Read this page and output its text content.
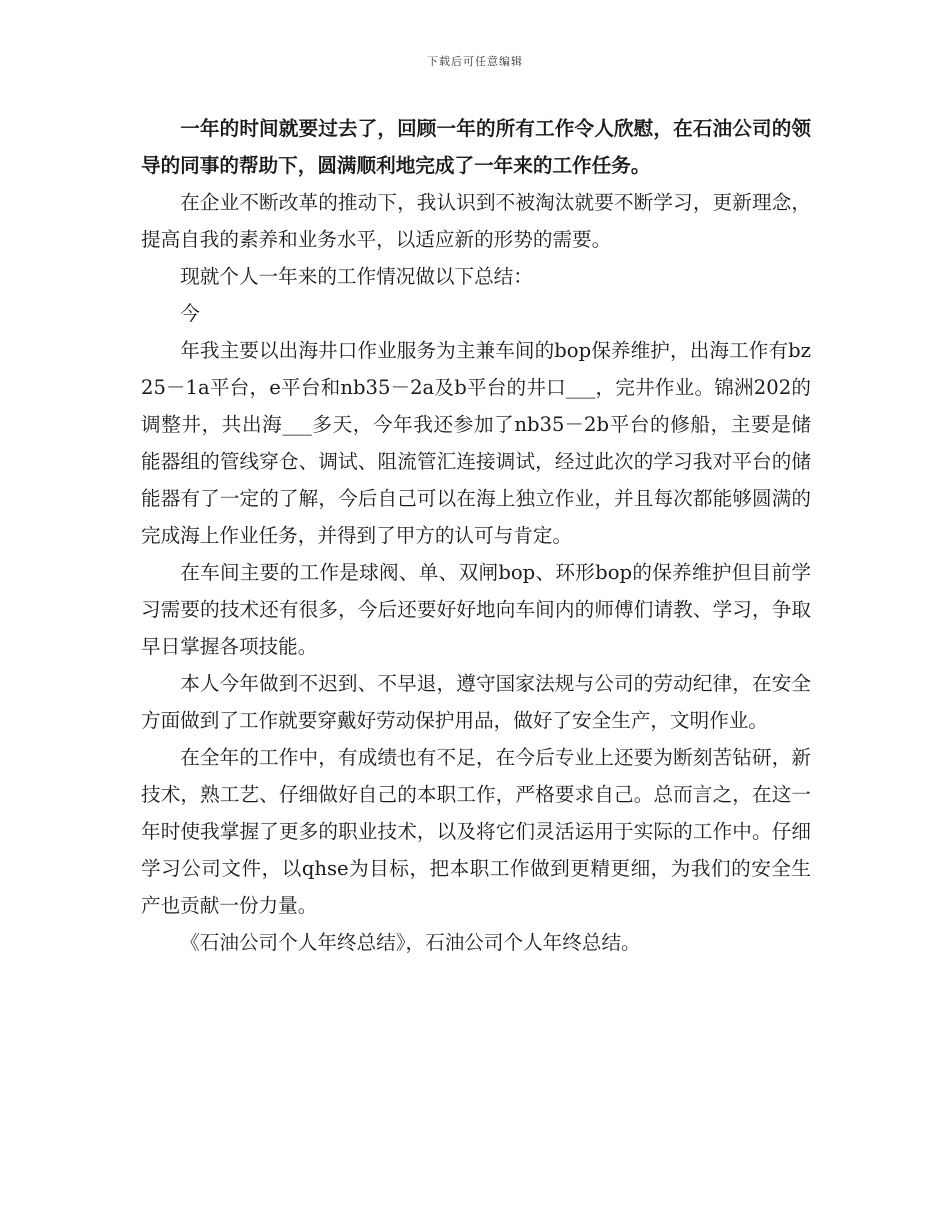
下载后可任意编辑

一年的时间就要过去了，回顾一年的所有工作令人欣慰，在石油公司的领导的同事的帮助下，圆满顺利地完成了一年来的工作任务。

在企业不断改革的推动下，我认识到不被淘汰就要不断学习，更新理念，提高自我的素养和业务水平，以适应新的形势的需要。

现就个人一年来的工作情况做以下总结：

今

年我主要以出海井口作业服务为主兼车间的bop保养维护，出海工作有bz25－1a平台，e平台和nb35－2a及b平台的井口___，完井作业。锦洲202的调整井，共出海___多天，今年我还参加了nb35－2b平台的修船，主要是储能器组的管线穿仓、调试、阻流管汇连接调试，经过此次的学习我对平台的储能器有了一定的了解，今后自己可以在海上独立作业，并且每次都能够圆满的完成海上作业任务，并得到了甲方的认可与肯定。

在车间主要的工作是球阀、单、双闸bop、环形bop的保养维护但目前学习需要的技术还有很多，今后还要好好地向车间内的师傅们请教、学习，争取早日掌握各项技能。

本人今年做到不迟到、不早退，遵守国家法规与公司的劳动纪律，在安全方面做到了工作就要穿戴好劳动保护用品，做好了安全生产，文明作业。

在全年的工作中，有成绩也有不足，在今后专业上还要为断刻苦钻研，新技术，熟工艺、仔细做好自己的本职工作，严格要求自己。总而言之，在这一年时使我掌握了更多的职业技术，以及将它们灵活运用于实际的工作中。仔细学习公司文件，以qhse为目标，把本职工作做到更精更细，为我们的安全生产也贡献一份力量。

《石油公司个人年终总结》，石油公司个人年终总结。
